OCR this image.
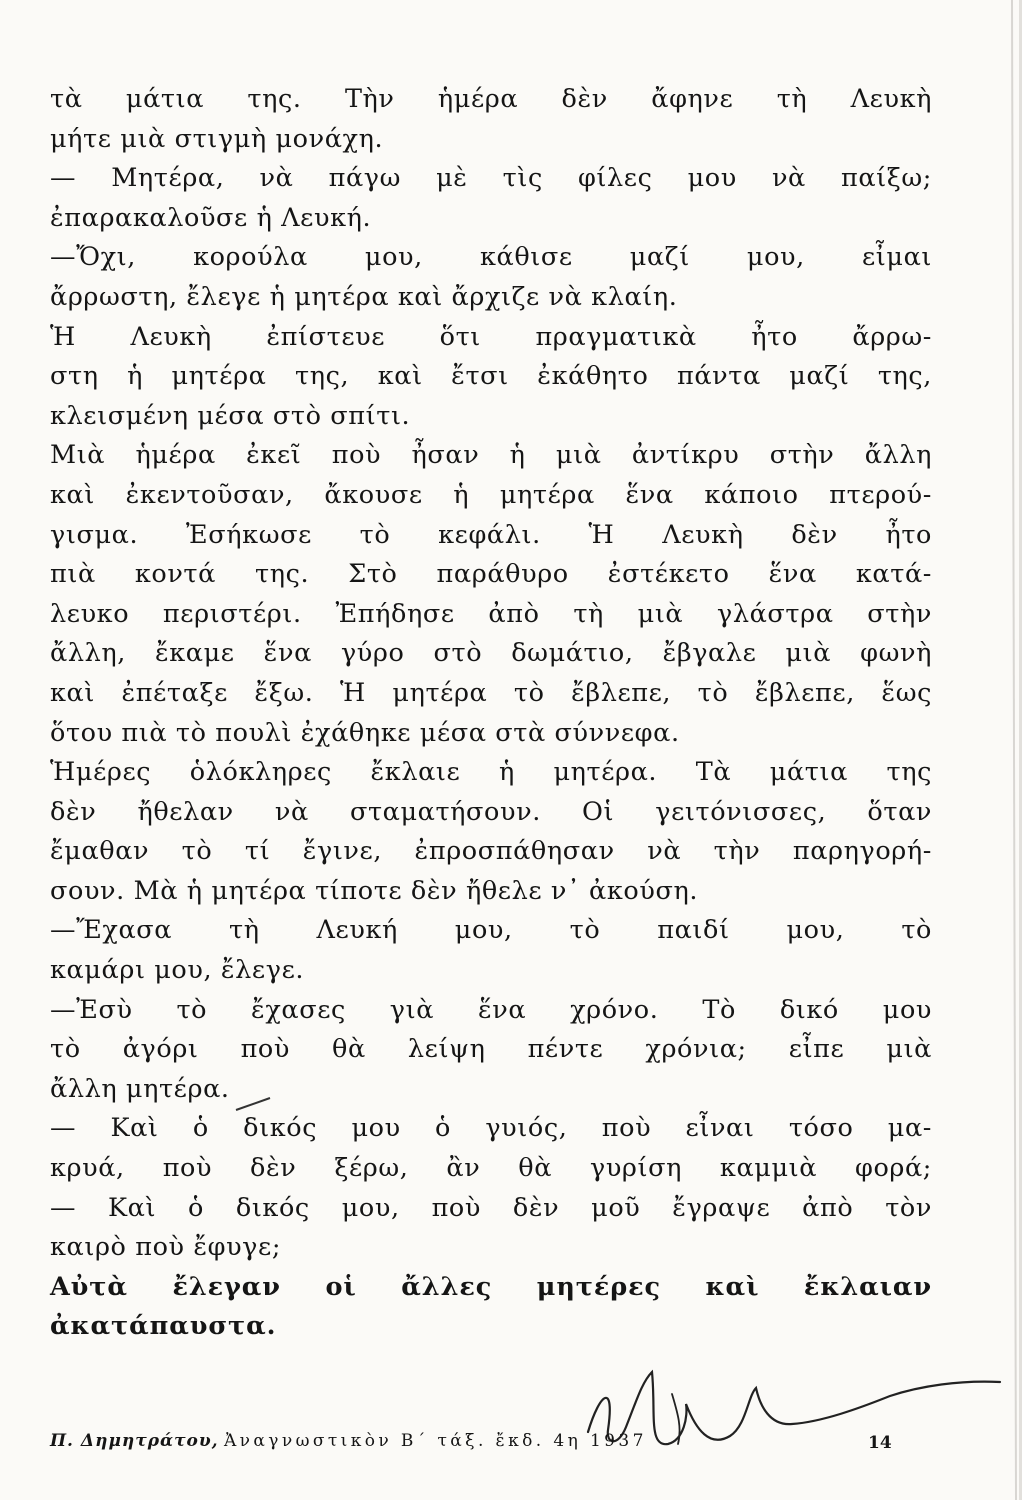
τὰ μάτια της. Τὴν ἡμέρα δὲν ἄφηνε τὴ Λευκὴ
μήτε μιὰ στιγμὴ μονάχη.
— Μητέρα, νὰ πάγω μὲ τὶς φίλες μου νὰ παίξω;
ἐπαρακαλοῦσε ἡ Λευκή.
—Ὄχι, κορούλα μου, κάθισε μαζί μου, εἶμαι
ἄρρωστη, ἔλεγε ἡ μητέρα καὶ ἄρχιζε νὰ κλαίη.
Ἡ Λευκὴ ἐπίστευε ὅτι πραγματικὰ ἦτο ἄρρω-
στη ἡ μητέρα της, καὶ ἔτσι ἐκάθητο πάντα μαζί της,
κλεισμένη μέσα στὸ σπίτι.
Μιὰ ἡμέρα ἐκεῖ ποὺ ἦσαν ἡ μιὰ ἀντίκρυ στὴν ἄλλη
καὶ ἐκεντοῦσαν, ἄκουσε ἡ μητέρα ἕνα κάποιο πτερού-
γισμα. Ἐσήκωσε τὸ κεφάλι. Ἡ Λευκὴ δὲν ἦτο
πιὰ κοντά της. Στὸ παράθυρο ἐστέκετο ἕνα κατά-
λευκο περιστέρι. Ἐπήδησε ἀπὸ τὴ μιὰ γλάστρα στὴν
ἄλλη, ἔκαμε ἕνα γύρο στὸ δωμάτιο, ἔβγαλε μιὰ φωνὴ
καὶ ἐπέταξε ἔξω. Ἡ μητέρα τὸ ἔβλεπε, τὸ ἔβλεπε, ἕως
ὅτου πιὰ τὸ πουλὶ ἐχάθηκε μέσα στὰ σύννεφα.
Ἡμέρες ὁλόκληρες ἔκλαιε ἡ μητέρα. Τὰ μάτια της
δὲν ἤθελαν νὰ σταματήσουν. Οἱ γειτόνισσες, ὅταν
ἔμαθαν τὸ τί ἔγινε, ἐπροσπάθησαν νὰ τὴν παρηγορή-
σουν. Μὰ ἡ μητέρα τίποτε δὲν ἤθελε ν᾿ ἀκούση.
—Ἔχασα τὴ Λευκή μου, τὸ παιδί μου, τὸ
καμάρι μου, ἔλεγε.
—Ἐσὺ τὸ ἔχασες γιὰ ἕνα χρόνο. Τὸ δικό μου
τὸ ἀγόρι ποὺ θὰ λείψη πέντε χρόνια; εἶπε μιὰ
ἄλλη μητέρα.
— Καὶ ὁ δικός μου ὁ γυιός, ποὺ εἶναι τόσο μα-
κρυά, ποὺ δὲν ξέρω, ἂν θὰ γυρίση καμμιὰ φορά;
— Καὶ ὁ δικός μου, ποὺ δὲν μοῦ ἔγραψε ἀπὸ τὸν
καιρὸ ποὺ ἔφυγε;
Αὐτὰ ἔλεγαν οἱ ἄλλες μητέρες καὶ ἔκλαιαν
ἀκατάπαυστα.
Π. Δημητράτου, Ἀναγνωστικὸν Β΄ τάξ. ἔκδ. 4η 1937	14
